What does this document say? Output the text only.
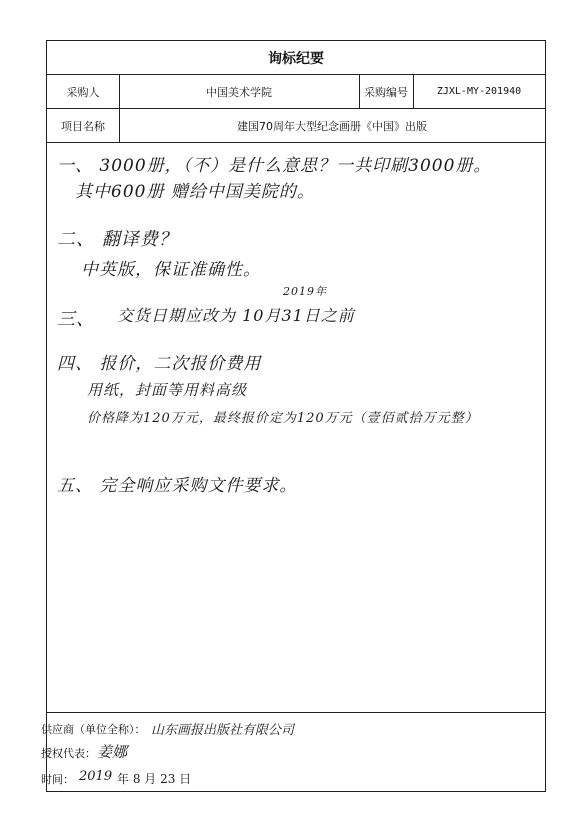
询标纪要
采购人	中国美术学院	采购编号	ZJXL-MY-201940
项目名称	建国70周年大型纪念画册《中国》出版
一、 3000册，（不）是什么意思？一共印刷3000册。
其中600册 赠给中国美院的。
二、 翻译费？
中英版，保证准确性。
三、
2019年
交货日期应改为 10月31日之前
四、 报价，二次报价费用
用纸，封面等用料高级
价格降为120万元，最终报价定为120万元（壹佰贰拾万元整）
五、 完全响应采购文件要求。
供应商（单位全称）： 山东画报出版社有限公司
授权代表： 姜娜
时间： 2019 年 8 月 23 日
